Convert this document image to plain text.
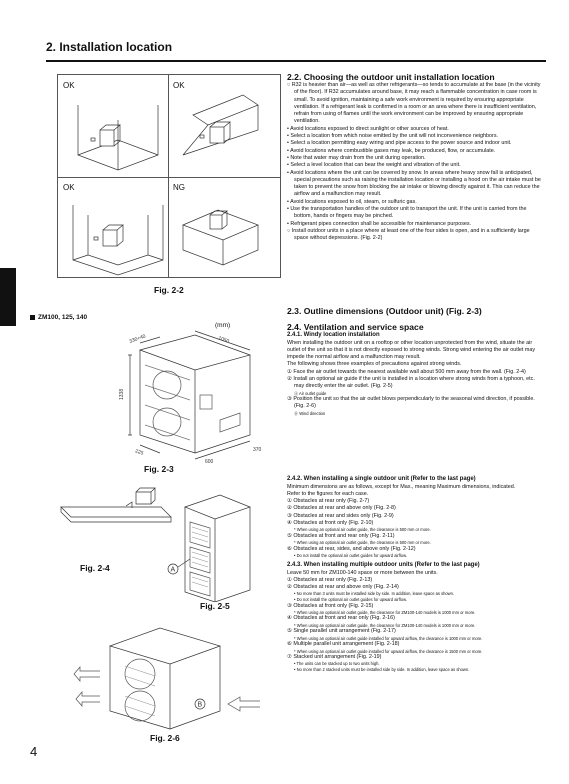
2. Installation location
4
OK	OK
OK	NG
Fig. 2-2
ZM100, 125, 140
(mm)
330+40	1050
1338
600
370
225
Fig. 2-3
Fig. 2-4	A
Fig. 2-5
B
Fig. 2-6

2.2. Choosing the outdoor unit installation location

○ R32 is heavier than air—as well as other refrigerants—so tends to accumulate at the base (in the vicinity of the floor). If R32 accumulates around base, it may reach a flammable concentration in case room is small. To avoid ignition, maintaining a safe work environment is required by ensuring appropriate ventilation. If a refrigerant leak is confirmed in a room or an area where there is insufficient ventilation, refrain from using of flames until the work environment can be improved by ensuring appropriate ventilation.

• Avoid locations exposed to direct sunlight or other sources of heat.

• Select a location from which noise emitted by the unit will not inconvenience neighbors.

• Select a location permitting easy wiring and pipe access to the power source and indoor unit.

• Avoid locations where combustible gases may leak, be produced, flow, or accumulate.

• Note that water may drain from the unit during operation.

• Select a level location that can bear the weight and vibration of the unit.

• Avoid locations where the unit can be covered by snow. In areas where heavy snow fall is anticipated, special precautions such as raising the installation location or installing a hood on the air intake must be taken to prevent the snow from blocking the air intake or blowing directly against it. This can reduce the airflow and a malfunction may result.

• Avoid locations exposed to oil, steam, or sulfuric gas.

• Use the transportation handles of the outdoor unit to transport the unit. If the unit is carried from the bottom, hands or fingers may be pinched.

• Refrigerant pipes connection shall be accessible for maintenance purposes.

○ Install outdoor units in a place where at least one of the four sides is open, and in a sufficiently large space without depressions. (Fig. 2-2)

2.3. Outline dimensions (Outdoor unit) (Fig. 2-3)

2.4. Ventilation and service space

2.4.1. Windy location installation

When installing the outdoor unit on a rooftop or other location unprotected from the wind, situate the air outlet of the unit so that it is not directly exposed to strong winds. Strong wind entering the air outlet may impede the normal airflow and a malfunction may result.

The following shows three examples of precautions against strong winds.

① Face the air outlet towards the nearest available wall about 500 mm away from the wall. (Fig. 2-4)

② Install an optional air guide if the unit is installed in a location where strong winds from a typhoon, etc. may directly enter the air outlet. (Fig. 2-5)

Ⓐ Air outlet guide

③ Position the unit so that the air outlet blows perpendicularly to the seasonal wind direction, if possible. (Fig. 2-6)

Ⓑ Wind direction

2.4.2. When installing a single outdoor unit (Refer to the last page)

Minimum dimensions are as follows, except for Max., meaning Maximum dimensions, indicated.

Refer to the figures for each case.

① Obstacles at rear only (Fig. 2-7)

② Obstacles at rear and above only (Fig. 2-8)

③ Obstacles at rear and sides only (Fig. 2-9)

④ Obstacles at front only (Fig. 2-10)

* When using an optional air outlet guide, the clearance is 500 mm or more.

⑤ Obstacles at front and rear only (Fig. 2-11)

* When using an optional air outlet guide, the clearance is 500 mm or more.

⑥ Obstacles at rear, sides, and above only (Fig. 2-12)

• Do not install the optional air outlet guides for upward airflow.

2.4.3. When installing multiple outdoor units (Refer to the last page)

Leave 50 mm for ZM100-140 space or more between the units.

① Obstacles at rear only (Fig. 2-13)

② Obstacles at rear and above only (Fig. 2-14)

• No more than 3 units must be installed side by side. In addition, leave space as shown.

• Do not install the optional air outlet guides for upward airflow.

③ Obstacles at front only (Fig. 2-15)

* When using an optional air outlet guide, the clearance for ZM100-140 models is 1000 mm or more.

④ Obstacles at front and rear only (Fig. 2-16)

* When using an optional air outlet guide, the clearance for ZM100-140 models is 1000 mm or more.

⑤ Single parallel unit arrangement (Fig. 2-17)

* When using an optional air outlet guide installed for upward airflow, the clearance is 1000 mm or more.

⑥ Multiple parallel unit arrangement (Fig. 2-18)

* When using an optional air outlet guide installed for upward airflow, the clearance is 1500 mm or more.

⑦ Stacked unit arrangement (Fig. 2-19)

• The units can be stacked up to two units high.

• No more than 2 stacked units must be installed side by side. In addition, leave space as shown.
